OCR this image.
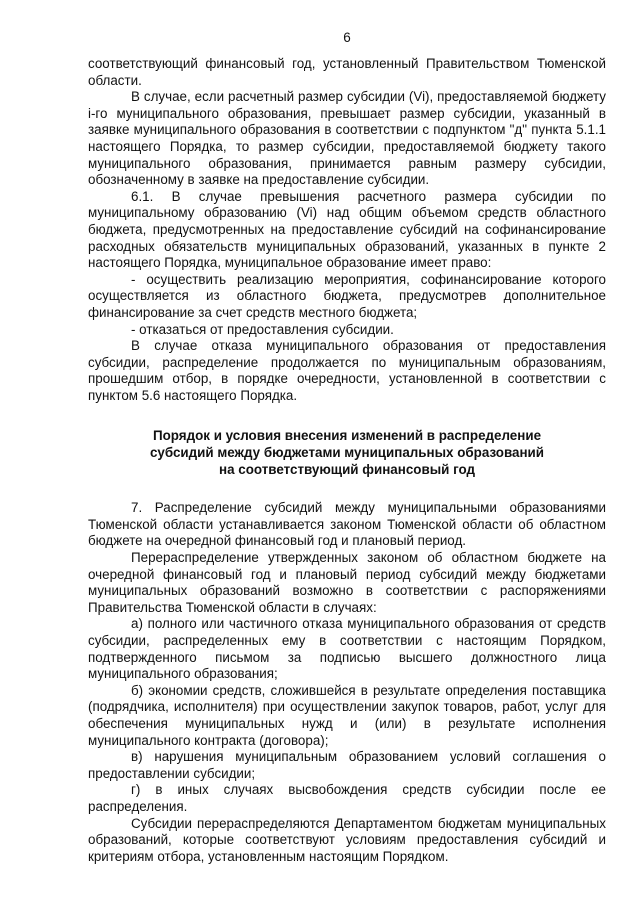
6

соответствующий финансовый год, установленный Правительством Тюменской области.

В случае, если расчетный размер субсидии (Vi), предоставляемой бюджету i-го муниципального образования, превышает размер субсидии, указанный в заявке муниципального образования в соответствии с подпунктом "д" пункта 5.1.1 настоящего Порядка, то размер субсидии, предоставляемой бюджету такого муниципального образования, принимается равным размеру субсидии, обозначенному в заявке на предоставление субсидии.

6.1. В случае превышения расчетного размера субсидии по муниципальному образованию (Vi) над общим объемом средств областного бюджета, предусмотренных на предоставление субсидий на софинансирование расходных обязательств муниципальных образований, указанных в пункте 2 настоящего Порядка, муниципальное образование имеет право:

- осуществить реализацию мероприятия, софинансирование которого осуществляется из областного бюджета, предусмотрев дополнительное финансирование за счет средств местного бюджета;

- отказаться от предоставления субсидии.

В случае отказа муниципального образования от предоставления субсидии, распределение продолжается по муниципальным образованиям, прошедшим отбор, в порядке очередности, установленной в соответствии с пунктом 5.6 настоящего Порядка.

Порядок и условия внесения изменений в распределение
субсидий между бюджетами муниципальных образований
на соответствующий финансовый год

7. Распределение субсидий между муниципальными образованиями Тюменской области устанавливается законом Тюменской области об областном бюджете на очередной финансовый год и плановый период.

Перераспределение утвержденных законом об областном бюджете на очередной финансовый год и плановый период субсидий между бюджетами муниципальных образований возможно в соответствии с распоряжениями Правительства Тюменской области в случаях:

а) полного или частичного отказа муниципального образования от средств субсидии, распределенных ему в соответствии с настоящим Порядком, подтвержденного письмом за подписью высшего должностного лица муниципального образования;

б) экономии средств, сложившейся в результате определения поставщика (подрядчика, исполнителя) при осуществлении закупок товаров, работ, услуг для обеспечения муниципальных нужд и (или) в результате исполнения муниципального контракта (договора);

в) нарушения муниципальным образованием условий соглашения о предоставлении субсидии;

г) в иных случаях высвобождения средств субсидии после ее распределения.

Субсидии перераспределяются Департаментом бюджетам муниципальных образований, которые соответствуют условиям предоставления субсидий и критериям отбора, установленным настоящим Порядком.
